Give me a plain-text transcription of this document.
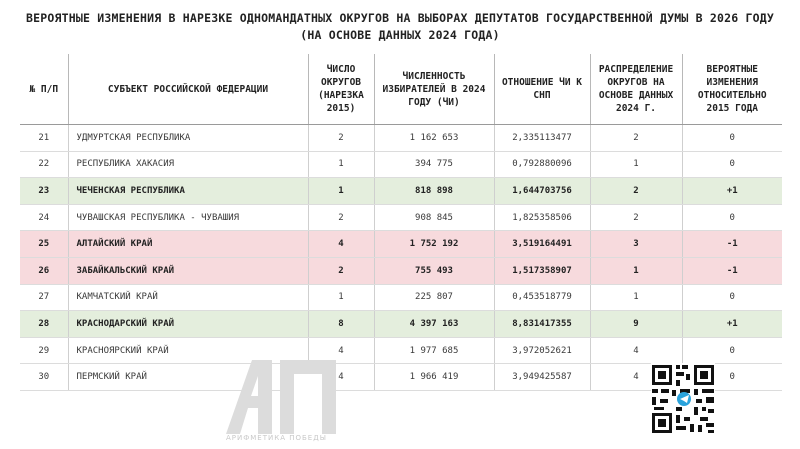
ВЕРОЯТНЫЕ ИЗМЕНЕНИЯ В НАРЕЗКЕ ОДНОМАНДАТНЫХ ОКРУГОВ НА ВЫБОРАХ ДЕПУТАТОВ ГОСУДАРСТВЕННОЙ ДУМЫ В 2026 ГОДУ
(НА ОСНОВЕ ДАННЫХ 2024 ГОДА)
№ П/П	СУБЪЕКТ РОССИЙСКОЙ ФЕДЕРАЦИИ	ЧИСЛО ОКРУГОВ (НАРЕЗКА 2015)	ЧИСЛЕННОСТЬ ИЗБИРАТЕЛЕЙ В 2024 ГОДУ (ЧИ)	ОТНОШЕНИЕ ЧИ К СНП	РАСПРЕДЕЛЕНИЕ ОКРУГОВ НА ОСНОВЕ ДАННЫХ 2024 Г.	ВЕРОЯТНЫЕ ИЗМЕНЕНИЯ ОТНОСИТЕЛЬНО 2015 ГОДА
21	УДМУРТСКАЯ РЕСПУБЛИКА	2	1 162 653	2,335113477	2	0
22	РЕСПУБЛИКА ХАКАСИЯ	1	394 775	0,792880096	1	0
23	ЧЕЧЕНСКАЯ РЕСПУБЛИКА	1	818 898	1,644703756	2	+1
24	ЧУВАШСКАЯ РЕСПУБЛИКА - ЧУВАШИЯ	2	908 845	1,825358506	2	0
25	АЛТАЙСКИЙ КРАЙ	4	1 752 192	3,519164491	3	-1
26	ЗАБАЙКАЛЬСКИЙ КРАЙ	2	755 493	1,517358907	1	-1
27	КАМЧАТСКИЙ КРАЙ	1	225 807	0,453518779	1	0
28	КРАСНОДАРСКИЙ КРАЙ	8	4 397 163	8,831417355	9	+1
29	КРАСНОЯРСКИЙ КРАЙ	4	1 977 685	3,972052621	4	0
30	ПЕРМСКИЙ КРАЙ	4	1 966 419	3,949425587	4	0
АРИФМЕТИКА ПОБЕДЫ
